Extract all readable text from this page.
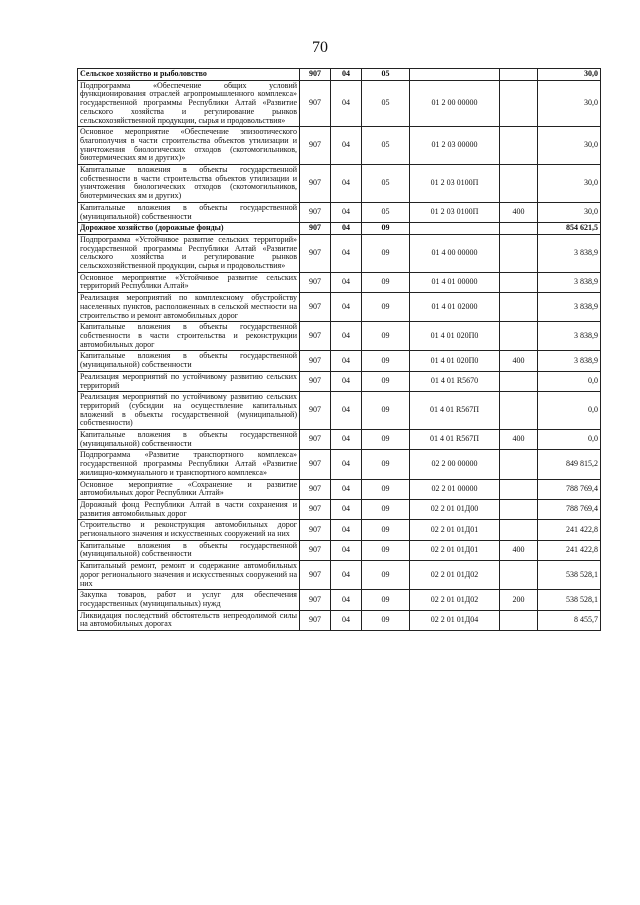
70
Сельское хозяйство и рыболовство	907	04	05			30,0
Подпрограмма «Обеспечение общих условий функционирования отраслей агропромышленного комплекса» государственной программы Республики Алтай «Развитие сельского хозяйства и регулирование рынков сельскохозяйственной продукции, сырья и продовольствия»	907	04	05	01 2 00 00000		30,0
Основное мероприятие «Обеспечение эпизоотического благополучия в части строительства объектов утилизации и уничтожения биологических отходов (скотомогильников, биотермических ям и других)»	907	04	05	01 2 03 00000		30,0
Капитальные вложения в объекты государственной собственности в части строительства объектов утилизации и уничтожения биологических отходов (скотомогильников, биотермических ям и других)	907	04	05	01 2 03 0100П		30,0
Капитальные вложения в объекты государственной (муниципальной) собственности	907	04	05	01 2 03 0100П	400	30,0
Дорожное хозяйство (дорожные фонды)	907	04	09			854 621,5
Подпрограмма «Устойчивое развитие сельских территорий» государственной программы Республики Алтай «Развитие сельского хозяйства и регулирование рынков сельскохозяйственной продукции, сырья и продовольствия»	907	04	09	01 4 00 00000		3 838,9
Основное мероприятие «Устойчивое развитие сельских территорий Республики Алтай»	907	04	09	01 4 01 00000		3 838,9
Реализация мероприятий по комплексному обустройству населенных пунктов, расположенных в сельской местности на строительство и ремонт автомобильных дорог	907	04	09	01 4 01 02000		3 838,9
Капитальные вложения в объекты государственной собственности в части строительства и реконструкции автомобильных дорог	907	04	09	01 4 01 020П0		3 838,9
Капитальные вложения в объекты государственной (муниципальной) собственности	907	04	09	01 4 01 020П0	400	3 838,9
Реализация мероприятий по устойчивому развитию сельских территорий	907	04	09	01 4 01 R5670		0,0
Реализация мероприятий по устойчивому развитию сельских территорий (субсидии на осуществление капитальных вложений в объекты государственной (муниципальной) собственности)	907	04	09	01 4 01 R567П		0,0
Капитальные вложения в объекты государственной (муниципальной) собственности	907	04	09	01 4 01 R567П	400	0,0
Подпрограмма «Развитие транспортного комплекса» государственной программы Республики Алтай «Развитие жилищно-коммунального и транспортного комплекса»	907	04	09	02 2 00 00000		849 815,2
Основное мероприятие «Сохранение и развитие автомобильных дорог Республики Алтай»	907	04	09	02 2 01 00000		788 769,4
Дорожный фонд Республики Алтай в части сохранения и развития автомобильных дорог	907	04	09	02 2 01 01Д00		788 769,4
Строительство и реконструкция автомобильных дорог регионального значения и искусственных сооружений на них	907	04	09	02 2 01 01Д01		241 422,8
Капитальные вложения в объекты государственной (муниципальной) собственности	907	04	09	02 2 01 01Д01	400	241 422,8
Капитальный ремонт, ремонт и содержание автомобильных дорог регионального значения и искусственных сооружений на них	907	04	09	02 2 01 01Д02		538 528,1
Закупка товаров, работ и услуг для обеспечения государственных (муниципальных) нужд	907	04	09	02 2 01 01Д02	200	538 528,1
Ликвидация последствий обстоятельств непреодолимой силы на автомобильных дорогах	907	04	09	02 2 01 01Д04		8 455,7
